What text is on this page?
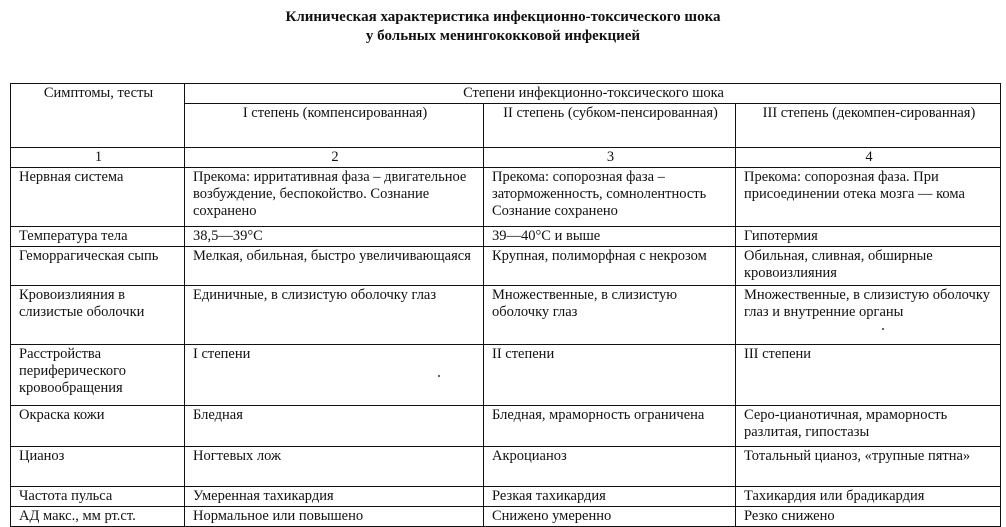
Клиническая характеристика инфекционно-токсического шока
у больных менингококковой инфекцией
Симптомы, тесты	Степени инфекционно-токсического шока		
	I степень (компенсированная)	II степень (субком-пенсированная)	III степень (декомпен-сированная)
1	2	3	4
Нервная система	Прекома: ирритативная фаза – двигательное возбуждение, беспокойство. Сознание сохранено	Прекома: сопорозная фаза – заторможенность, сомнолентность Сознание сохранено	Прекома: сопорозная фаза. При присоединении отека мозга — кома
Температура тела	38,5—39°С	39—40°С и выше	Гипотермия
Геморрагическая сыпь	Мелкая, обильная, быстро увеличивающаяся	Крупная, полиморфная с некрозом	Обильная, сливная, обширные кровоизлияния
Кровоизлияния в слизистые оболочки	Единичные, в слизистую оболочку глаз	Множественные, в слизистую оболочку глаз	Множественные, в слизистую оболочку глаз и внутренние органы
Расстройства периферического кровообращения	I степени	II степени	III степени
Окраска кожи	Бледная	Бледная, мраморность ограничена	Серо-цианотичная, мраморность разлитая, гипостазы
Цианоз	Ногтевых лож	Акроцианоз	Тотальный цианоз, «трупные пятна»
Частота пульса	Умеренная тахикардия	Резкая тахикардия	Тахикардия или брадикардия
АД макс., мм рт.ст.	Нормальное или повышено	Снижено умеренно	Резко снижено
